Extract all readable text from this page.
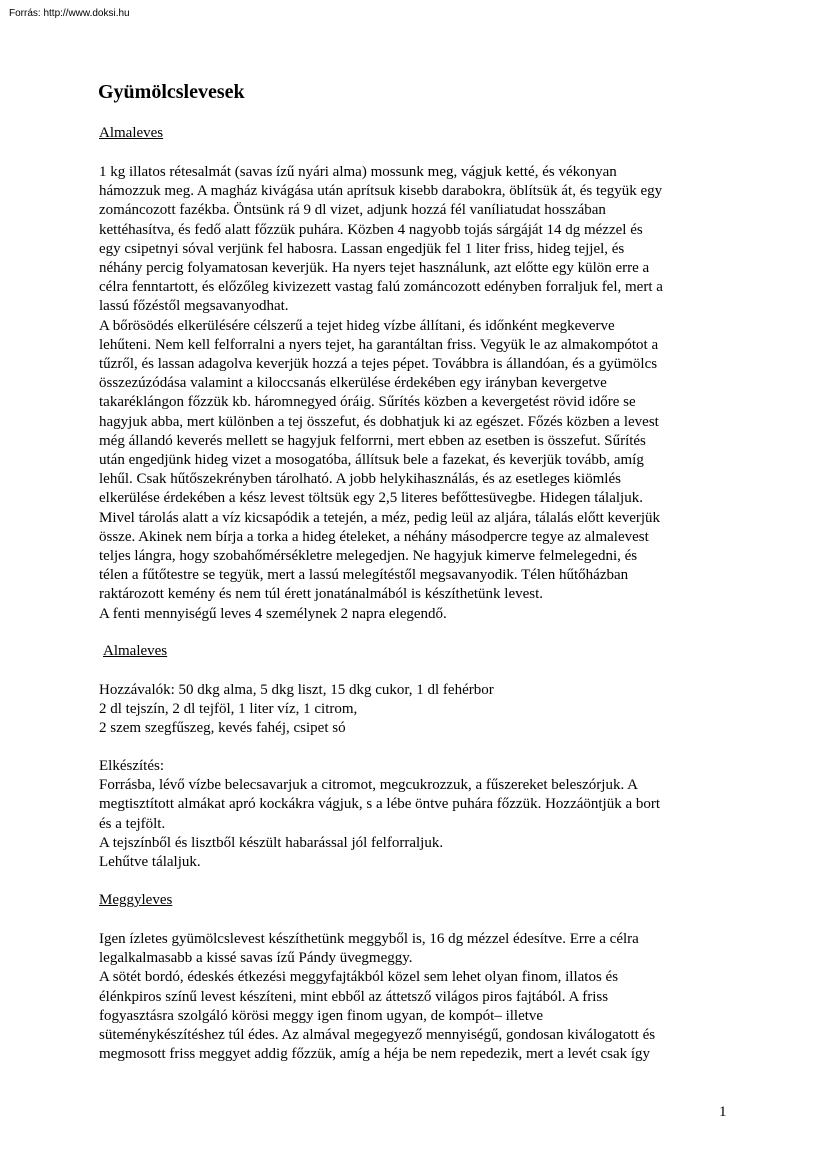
Forrás: http://www.doksi.hu
Gyümölcslevesek
Almaleves
1 kg illatos rétesalmát (savas ízű nyári alma) mossunk meg, vágjuk ketté, és vékonyan
hámozzuk meg. A magház kivágása után aprítsuk kisebb darabokra, öblítsük át, és tegyük egy
zománcozott fazékba. Öntsünk rá 9 dl vizet, adjunk hozzá fél vaníliatudat hosszában
kettéhasítva, és fedő alatt főzzük puhára. Közben 4 nagyobb tojás sárgáját 14 dg mézzel és
egy csipetnyi sóval verjünk fel habosra. Lassan engedjük fel 1 liter friss, hideg tejjel, és
néhány percig folyamatosan keverjük. Ha nyers tejet használunk, azt előtte egy külön erre a
célra fenntartott, és előzőleg kivizezett vastag falú zománcozott edényben forraljuk fel, mert a
lassú főzéstől megsavanyodhat.
A bőrösödés elkerülésére célszerű a tejet hideg vízbe állítani, és időnként megkeverve
lehűteni. Nem kell felforralni a nyers tejet, ha garantáltan friss. Vegyük le az almakompótot a
tűzről, és lassan adagolva keverjük hozzá a tejes pépet. Továbbra is állandóan, és a gyümölcs
összezúzódása valamint a kiloccsanás elkerülése érdekében egy irányban kevergetve
takaréklángon főzzük kb. háromnegyed óráig. Sűrítés közben a kevergetést rövid időre se
hagyjuk abba, mert különben a tej összefut, és dobhatjuk ki az egészet. Főzés közben a levest
még állandó keverés mellett se hagyjuk felforrni, mert ebben az esetben is összefut. Sűrítés
után engedjünk hideg vizet a mosogatóba, állítsuk bele a fazekat, és keverjük tovább, amíg
lehűl. Csak hűtőszekrényben tárolható. A jobb helykihasználás, és az esetleges kiömlés
elkerülése érdekében a kész levest töltsük egy 2,5 literes befőttesüvegbe. Hidegen tálaljuk.
Mivel tárolás alatt a víz kicsapódik a tetején, a méz, pedig leül az aljára, tálalás előtt keverjük
össze. Akinek nem bírja a torka a hideg ételeket, a néhány másodpercre tegye az almalevest
teljes lángra, hogy szobahőmérsékletre melegedjen. Ne hagyjuk kimerve felmelegedni, és
télen a fűtőtestre se tegyük, mert a lassú melegítéstől megsavanyodik. Télen hűtőházban
raktározott kemény és nem túl érett jonatánalmából is készíthetünk levest.
A fenti mennyiségű leves 4 személynek 2 napra elegendő.
Almaleves
Hozzávalók: 50 dkg alma, 5 dkg liszt, 15 dkg cukor, 1 dl fehérbor
2 dl tejszín, 2 dl tejföl, 1 liter víz, 1 citrom,
2 szem szegfűszeg, kevés fahéj, csipet só
Elkészítés:
Forrásba, lévő vízbe belecsavarjuk a citromot, megcukrozzuk, a fűszereket beleszórjuk. A
megtisztított almákat apró kockákra vágjuk, s a lébe öntve puhára főzzük. Hozzáöntjük a bort
és a tejfölt.
A tejszínből és lisztből készült habarással jól felforraljuk.
Lehűtve tálaljuk.
Meggyleves
Igen ízletes gyümölcslevest készíthetünk meggyből is, 16 dg mézzel édesítve. Erre a célra
legalkalmasabb a kissé savas ízű Pándy üvegmeggy.
A sötét bordó, édeskés étkezési meggyfajtákból közel sem lehet olyan finom, illatos és
élénkpiros színű levest készíteni, mint ebből az áttetsző világos piros fajtából. A friss
fogyasztásra szolgáló körösi meggy igen finom ugyan, de kompót– illetve
süteménykészítéshez túl édes. Az almával megegyező mennyiségű, gondosan kiválogatott és
megmosott friss meggyet addig főzzük, amíg a héja be nem repedezik, mert a levét csak így
1
